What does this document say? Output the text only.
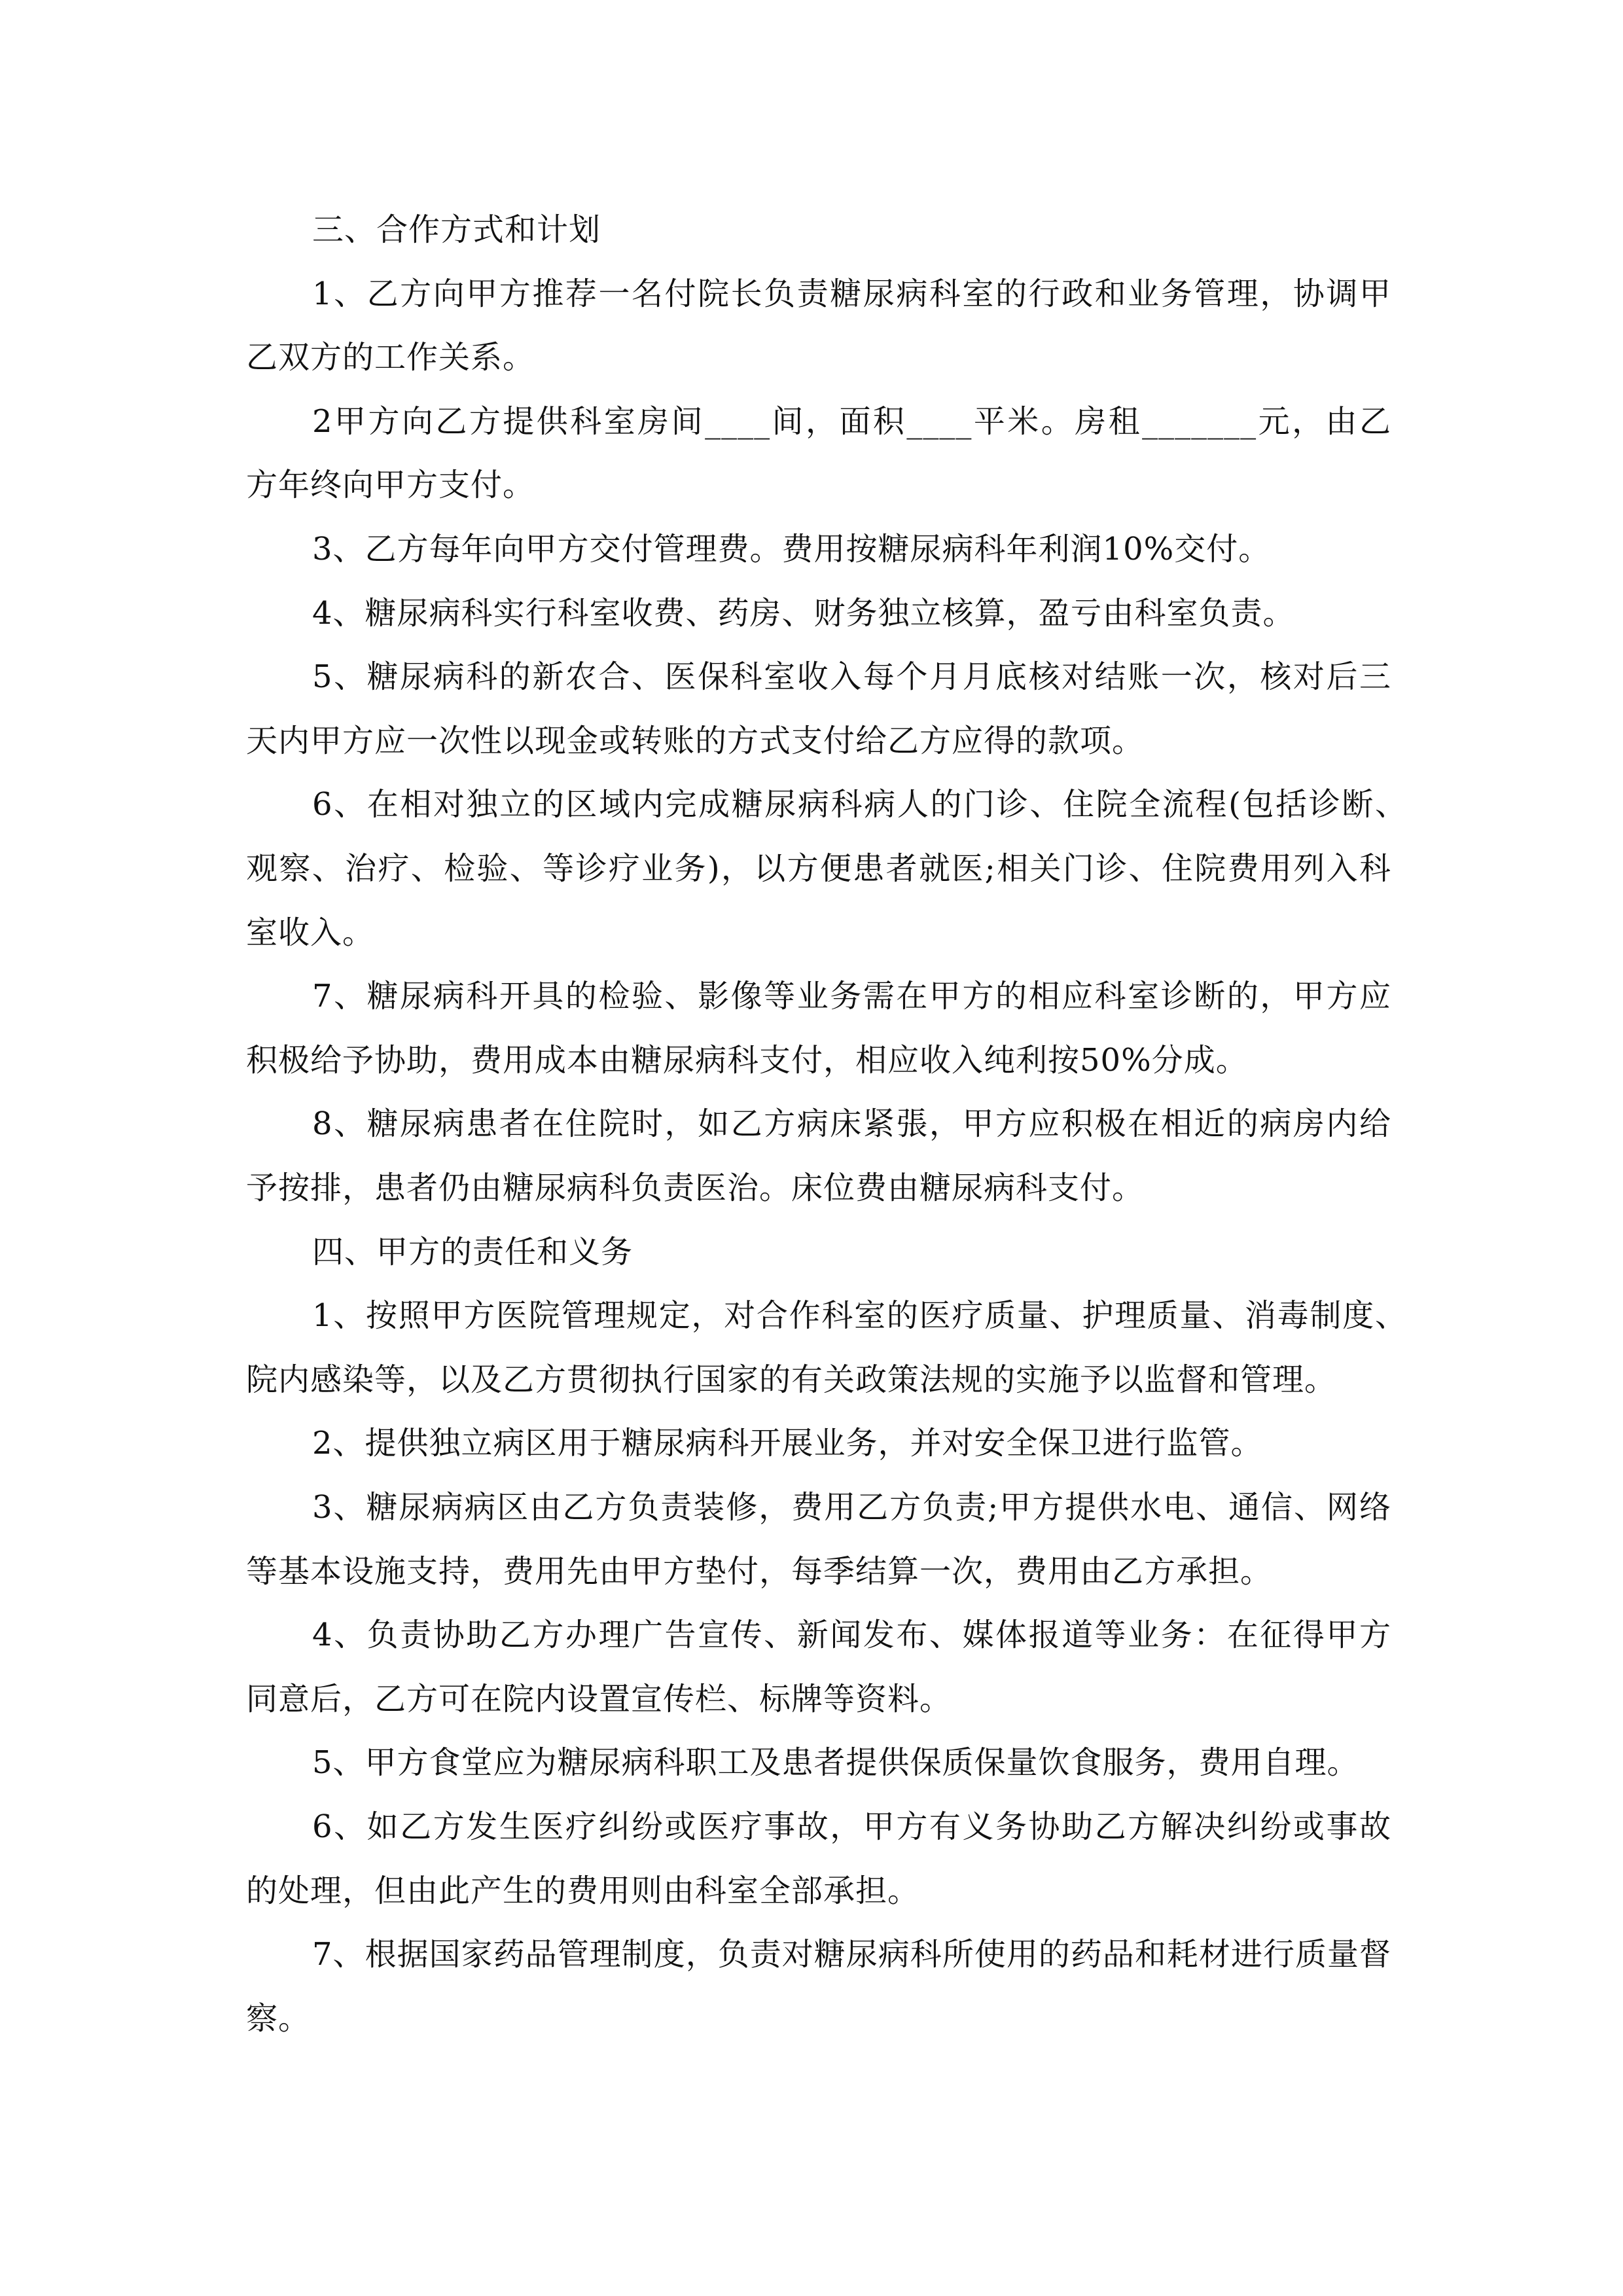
三、合作方式和计划
1、乙方向甲方推荐一名付院长负责糖尿病科室的行政和业务管理，协调甲
乙双方的工作关系。
2甲方向乙方提供科室房间____间，面积____平米。房租_______元，由乙
方年终向甲方支付。
3、乙方每年向甲方交付管理费。费用按糖尿病科年利润10%交付。
4、糖尿病科实行科室收费、药房、财务独立核算，盈亏由科室负责。
5、糖尿病科的新农合、医保科室收入每个月月底核对结账一次，核对后三
天内甲方应一次性以现金或转账的方式支付给乙方应得的款项。
6、在相对独立的区域内完成糖尿病科病人的门诊、住院全流程(包括诊断、
观察、治疗、检验、等诊疗业务)，以方便患者就医;相关门诊、住院费用列入科
室收入。
7、糖尿病科开具的检验、影像等业务需在甲方的相应科室诊断的，甲方应
积极给予协助，费用成本由糖尿病科支付，相应收入纯利按50%分成。
8、糖尿病患者在住院时，如乙方病床紧張，甲方应积极在相近的病房内给
予按排，患者仍由糖尿病科负责医治。床位费由糖尿病科支付。
四、甲方的责任和义务
1、按照甲方医院管理规定，对合作科室的医疗质量、护理质量、消毒制度、
院内感染等，以及乙方贯彻执行国家的有关政策法规的实施予以监督和管理。
2、提供独立病区用于糖尿病科开展业务，并对安全保卫进行监管。
3、糖尿病病区由乙方负责装修，费用乙方负责;甲方提供水电、通信、网络
等基本设施支持，费用先由甲方垫付，每季结算一次，费用由乙方承担。
4、负责协助乙方办理广告宣传、新闻发布、媒体报道等业务：在征得甲方
同意后，乙方可在院内设置宣传栏、标牌等资料。
5、甲方食堂应为糖尿病科职工及患者提供保质保量饮食服务，费用自理。
6、如乙方发生医疗纠纷或医疗事故，甲方有义务协助乙方解决纠纷或事故
的处理，但由此产生的费用则由科室全部承担。
7、根据国家药品管理制度，负责对糖尿病科所使用的药品和耗材进行质量督
察。
